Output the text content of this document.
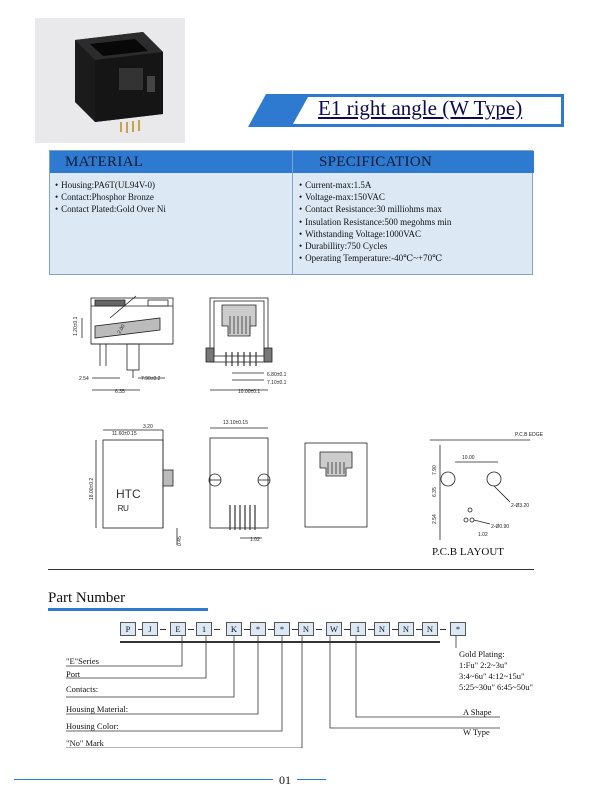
E1 right angle (W Type)
MATERIAL	SPECIFICATION
• Housing:PA6T(UL94V-0)
• Contact:Phosphor Bronze
• Contact Plated:Gold Over Ni
• Current-max:1.5A
• Voltage-max:150VAC
• Contact Resistance:30 milliohms max
• Insulation Resistance:500 megohms min
• Withstanding Voltage:1000VAC
• Durabillity:750 Cycles
• Operating Temperature:-40℃~+70℃
1.20±0.1	2.00
2.54
6.35
7.90±0.2
6.80±0.1
7.10±0.1
10.00±0.1
3.20
11.60±0.15
18.00±0.2
13.10±0.15
1.02
0.45
P.C.B EDGE
10.00
7.90
6.35
2-Ø3.20
2.54
2-Ø0.90
1.02
HTC
ᴿᵁ
P.C.B LAYOUT
Part Number
P	J	E	1	K	*	*	N	W	1	N	N	N	*
"E"Series
Port
Contacts:
Housing Material:
Housing Color:
"No" Mark
A Shape
W Type
Gold Plating:
1:Fu" 2:2~3u"
3:4~6u" 4:12~15u"
5:25~30u" 6:45~50u"
01
